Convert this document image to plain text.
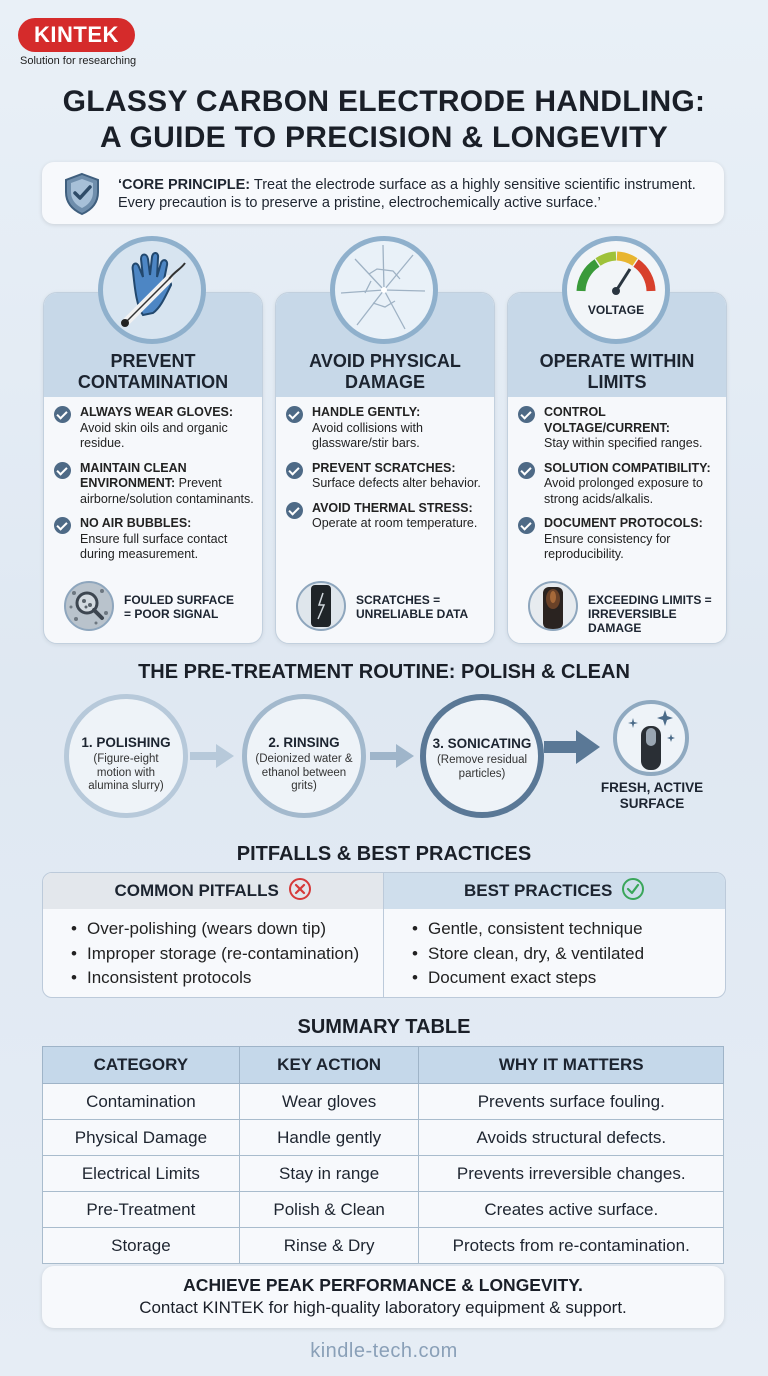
KINTEK
Solution for researching
GLASSY CARBON ELECTRODE HANDLING:
A GUIDE TO PRECISION & LONGEVITY
‘CORE PRINCIPLE: Treat the electrode surface as a highly sensitive scientific instrument. Every precaution is to preserve a pristine, electrochemically active surface.’
PREVENT CONTAMINATION
ALWAYS WEAR GLOVES:
Avoid skin oils and organic residue.
MAINTAIN CLEAN ENVIRONMENT: Prevent airborne/solution contaminants.
NO AIR BUBBLES:
Ensure full surface contact during measurement.
FOULED SURFACE
= POOR SIGNAL
AVOID PHYSICAL DAMAGE
HANDLE GENTLY:
Avoid collisions with glassware/stir bars.
PREVENT SCRATCHES:
Surface defects alter behavior.
AVOID THERMAL STRESS:
Operate at room temperature.
SCRATCHES =
UNRELIABLE DATA
OPERATE WITHIN LIMITS
CONTROL VOLTAGE/CURRENT:
Stay within specified ranges.
SOLUTION COMPATIBILITY:
Avoid prolonged exposure to strong acids/alkalis.
DOCUMENT PROTOCOLS:
Ensure consistency for reproducibility.
EXCEEDING LIMITS =
IRREVERSIBLE DAMAGE
VOLTAGE
THE PRE-TREATMENT ROUTINE: POLISH & CLEAN
1. POLISHING
(Figure-eight motion with alumina slurry)
2. RINSING
(Deionized water & ethanol between grits)
3. SONICATING
(Remove residual particles)
FRESH, ACTIVE
SURFACE
PITFALLS & BEST PRACTICES
COMMON PITFALLS
• Over-polishing (wears down tip)
• Improper storage (re-contamination)
• Inconsistent protocols
BEST PRACTICES
• Gentle, consistent technique
• Store clean, dry, & ventilated
• Document exact steps
SUMMARY TABLE
CATEGORY	KEY ACTION	WHY IT MATTERS
Contamination	Wear gloves	Prevents surface fouling.
Physical Damage	Handle gently	Avoids structural defects.
Electrical Limits	Stay in range	Prevents irreversible changes.
Pre-Treatment	Polish & Clean	Creates active surface.
Storage	Rinse & Dry	Protects from re-contamination.
ACHIEVE PEAK PERFORMANCE & LONGEVITY.
Contact KINTEK for high-quality laboratory equipment & support.
kindle-tech.com
